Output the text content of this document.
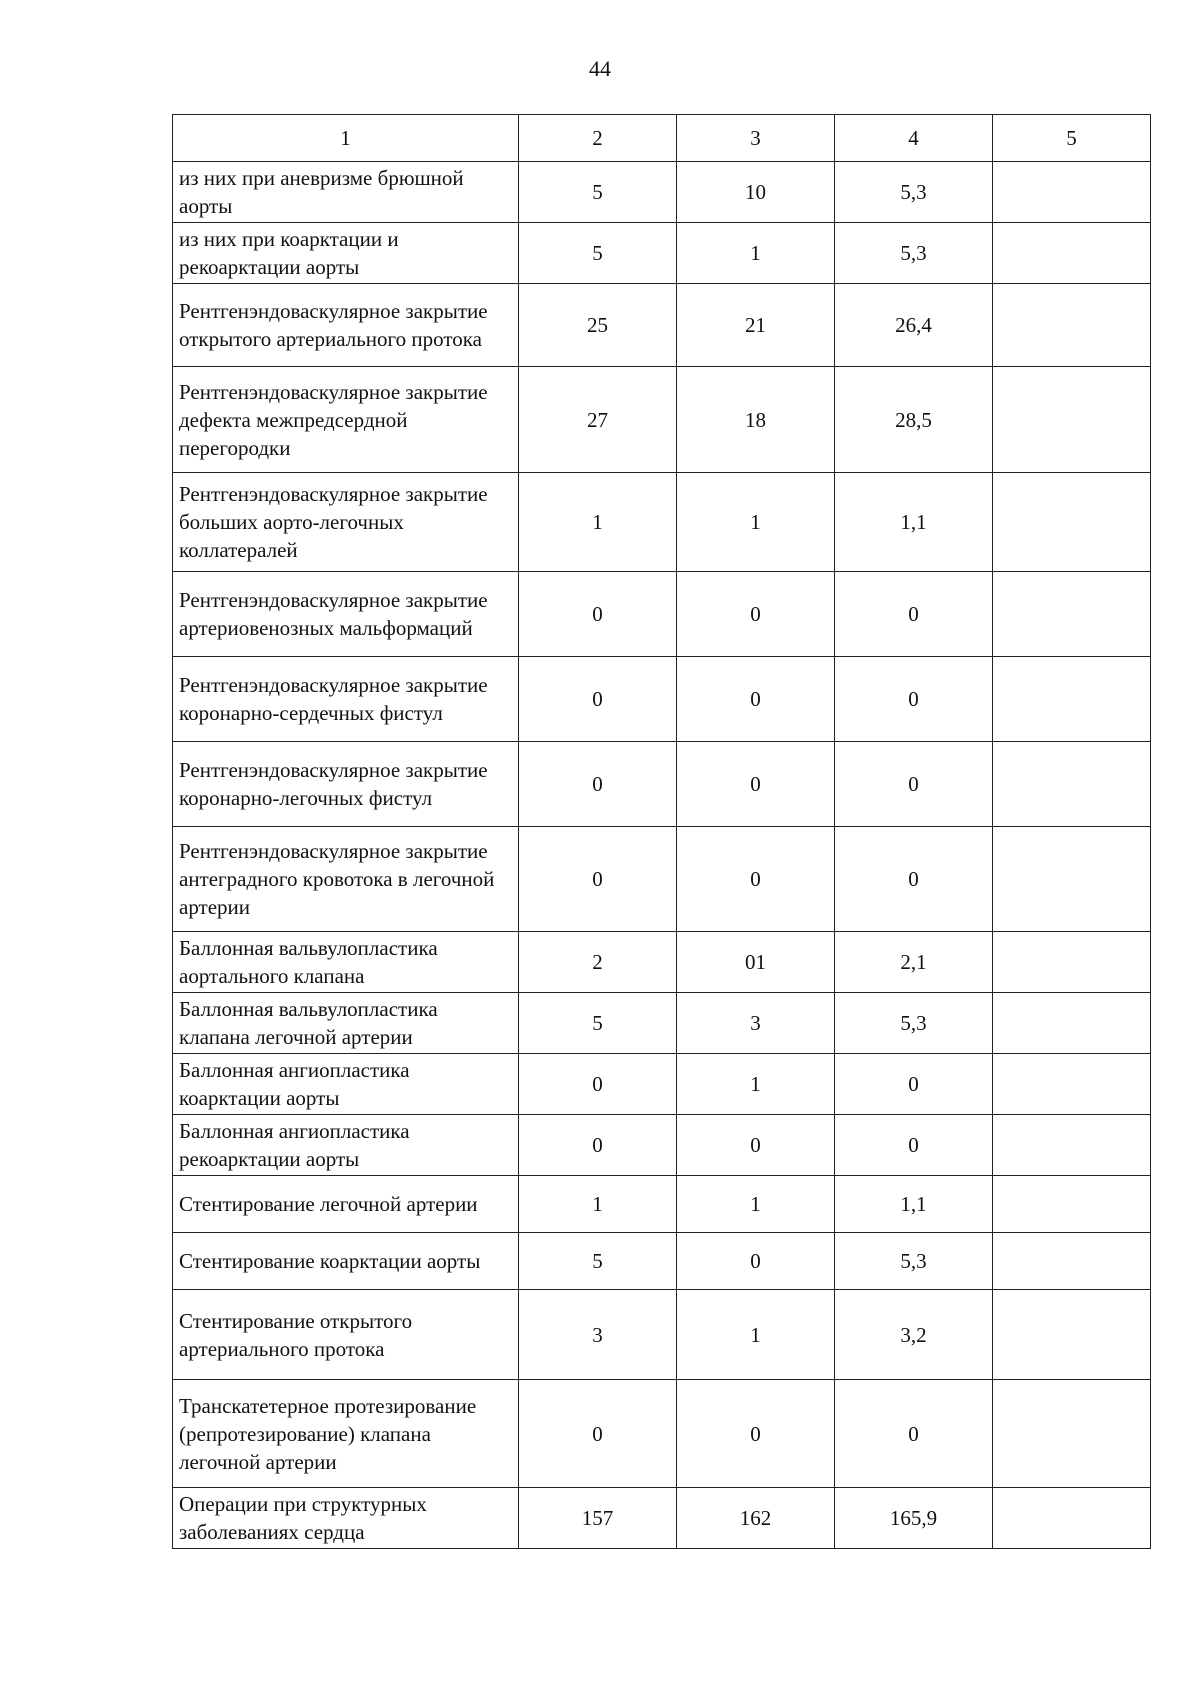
44
1	2	3	4	5
из них при аневризме брюшной аорты	5	10	5,3	
из них при коарктации и рекоарктации аорты	5	1	5,3	
Рентгенэндоваскулярное закрытие открытого артериального протока	25	21	26,4	
Рентгенэндоваскулярное закрытие дефекта межпредсердной перегородки	27	18	28,5	
Рентгенэндоваскулярное закрытие больших аорто-легочных коллатералей	1	1	1,1	
Рентгенэндоваскулярное закрытие артериовенозных мальформаций	0	0	0	
Рентгенэндоваскулярное закрытие коронарно-сердечных фистул	0	0	0	
Рентгенэндоваскулярное закрытие коронарно-легочных фистул	0	0	0	
Рентгенэндоваскулярное закрытие антеградного кровотока в легочной артерии	0	0	0	
Баллонная вальвулопластика аортального клапана	2	01	2,1	
Баллонная вальвулопластика клапана легочной артерии	5	3	5,3	
Баллонная ангиопластика коарктации аорты	0	1	0	
Баллонная ангиопластика рекоарктации аорты	0	0	0	
Стентирование легочной артерии	1	1	1,1	
Стентирование коарктации аорты	5	0	5,3	
Стентирование открытого артериального протока	3	1	3,2	
Транскатетерное протезирование (репротезирование) клапана легочной артерии	0	0	0	
Операции при структурных заболеваниях сердца	157	162	165,9	
